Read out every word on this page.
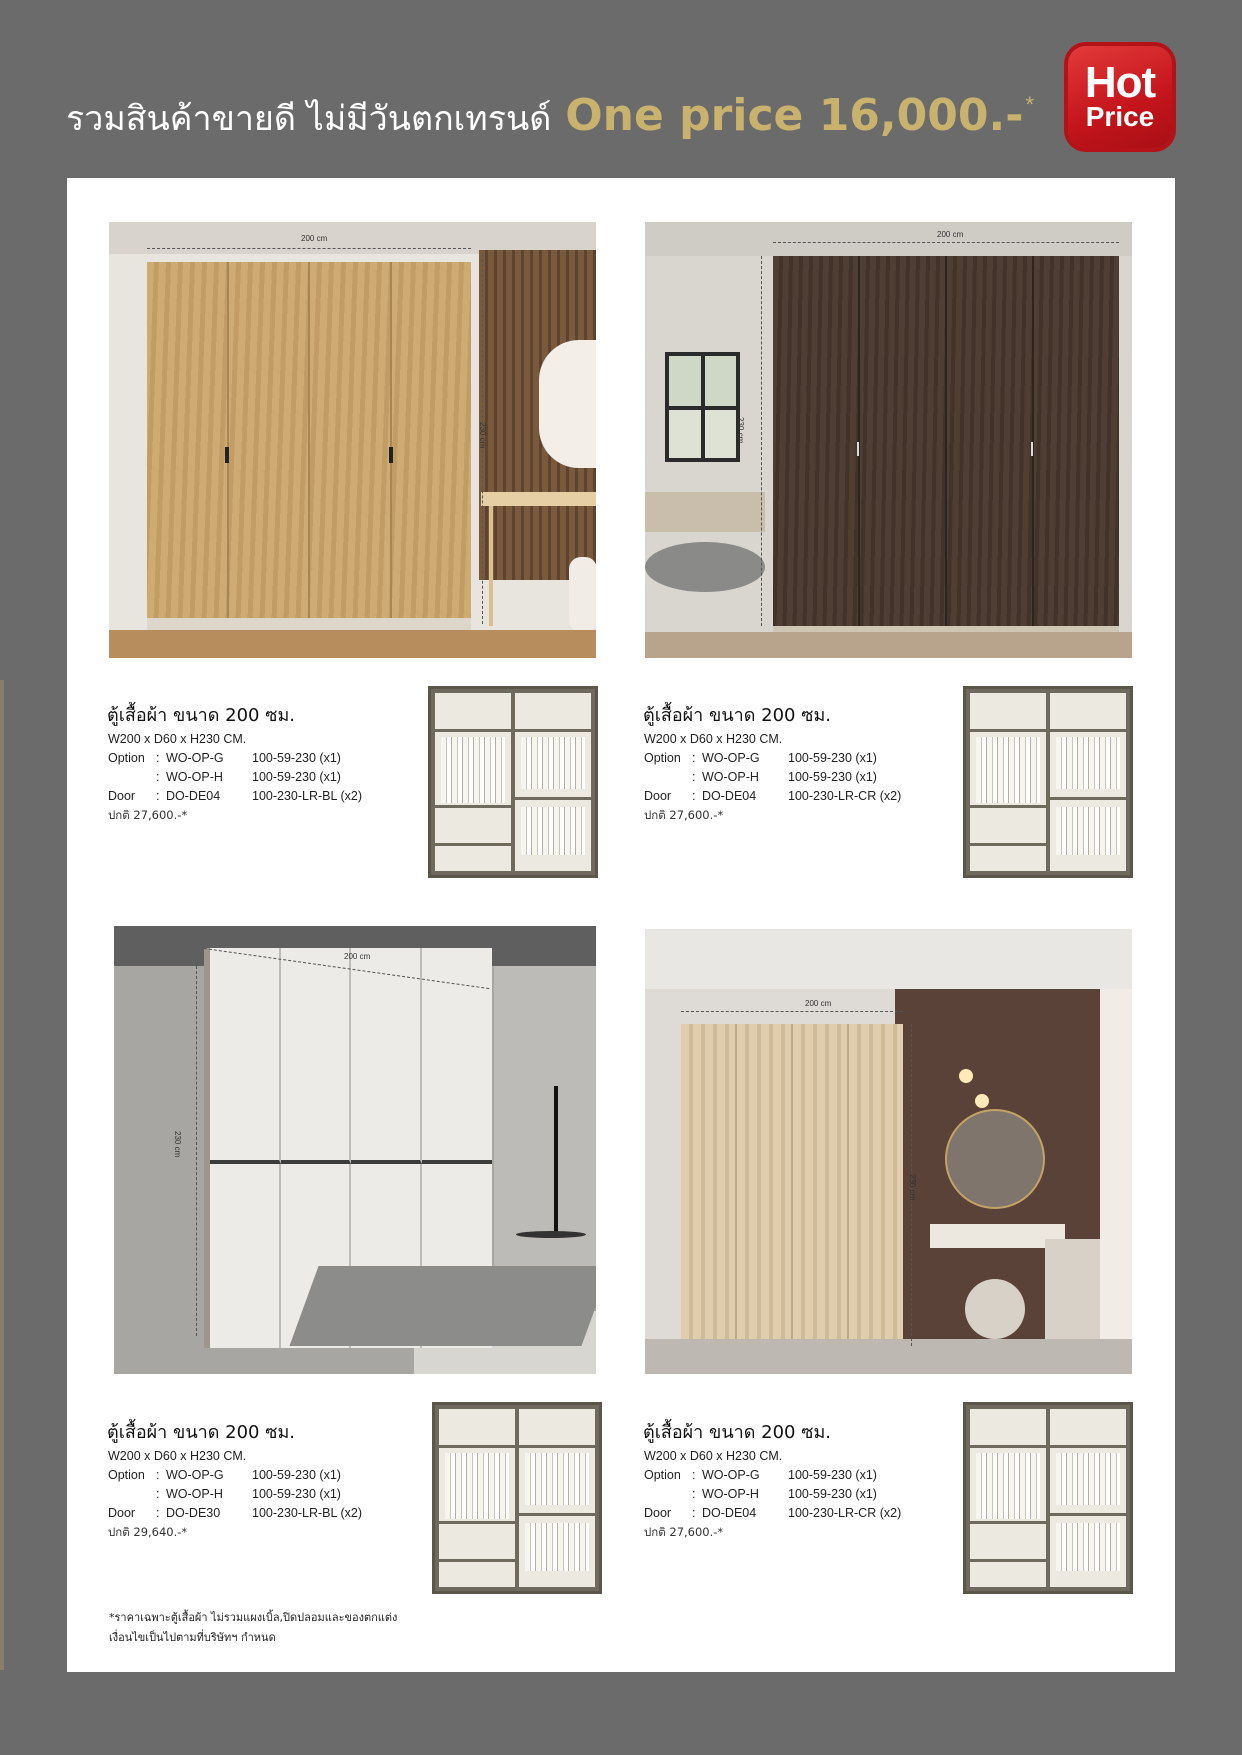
รวมสินค้าขายดี ไม่มีวันตกเทรนด์ One price 16,000.- * Hot
Price
200 cm
230 cm
200 cm
230 cm
200 cm
230 cm
200 cm
230 cm
ตู้เสื้อผ้า ขนาด 200 ซม.
W200 x D60 x H230 CM.
Option : WO-OP-G 100-59-230 (x1)
: WO-OP-H 100-59-230 (x1)
Door : DO-DE04	100-230-LR-BL (x2)
ปกติ 27,600.-*
ตู้เสื้อผ้า ขนาด 200 ซม.
W200 x D60 x H230 CM.
Option : WO-OP-G 100-59-230 (x1)
: WO-OP-H 100-59-230 (x1)
Door : DO-DE04	100-230-LR-CR (x2)
ปกติ 27,600.-*
ตู้เสื้อผ้า ขนาด 200 ซม.
W200 x D60 x H230 CM.
Option : WO-OP-G 100-59-230 (x1)
: WO-OP-H 100-59-230 (x1)
Door : DO-DE30	100-230-LR-BL (x2)
ปกติ 29,640.-*
ตู้เสื้อผ้า ขนาด 200 ซม.
W200 x D60 x H230 CM.
Option : WO-OP-G 100-59-230 (x1)
: WO-OP-H 100-59-230 (x1)
Door : DO-DE04	100-230-LR-CR (x2)
ปกติ 27,600.-*
*ราคาเฉพาะตู้เสื้อผ้า ไม่รวมแผงเบิ้ล,ปิดปลอมและของตกแต่ง
เงื่อนไขเป็นไปตามที่บริษัทฯ กำหนด
